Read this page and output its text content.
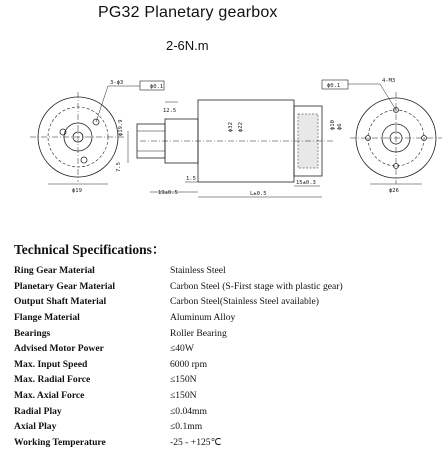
PG32 Planetary gearbox
2-6N.m
3-ϕ3
ϕ0.1
ϕ19
12.5
ϕ32 ϕ22
ϕ19.9
7.5
1.5
19±0.5	L±0.5
15±0.3
ϕ10 ϕ6
ϕ0.1
4-M3
ϕ26
Technical Specifications：
Ring Gear Material	Stainless Steel
Planetary Gear Material	Carbon Steel (S-First stage with plastic gear)
Output Shaft Material	Carbon Steel(Stainless Steel available)
Flange Material	Aluminum Alloy
Bearings	Roller Bearing
Advised Motor Power	≤40W
Max. Input Speed	6000 rpm
Max. Radial Force	≤150N
Max. Axial Force	≤150N
Radial Play	≤0.04mm
Axial Play	≤0.1mm
Working Temperature	-25 - +125℃
